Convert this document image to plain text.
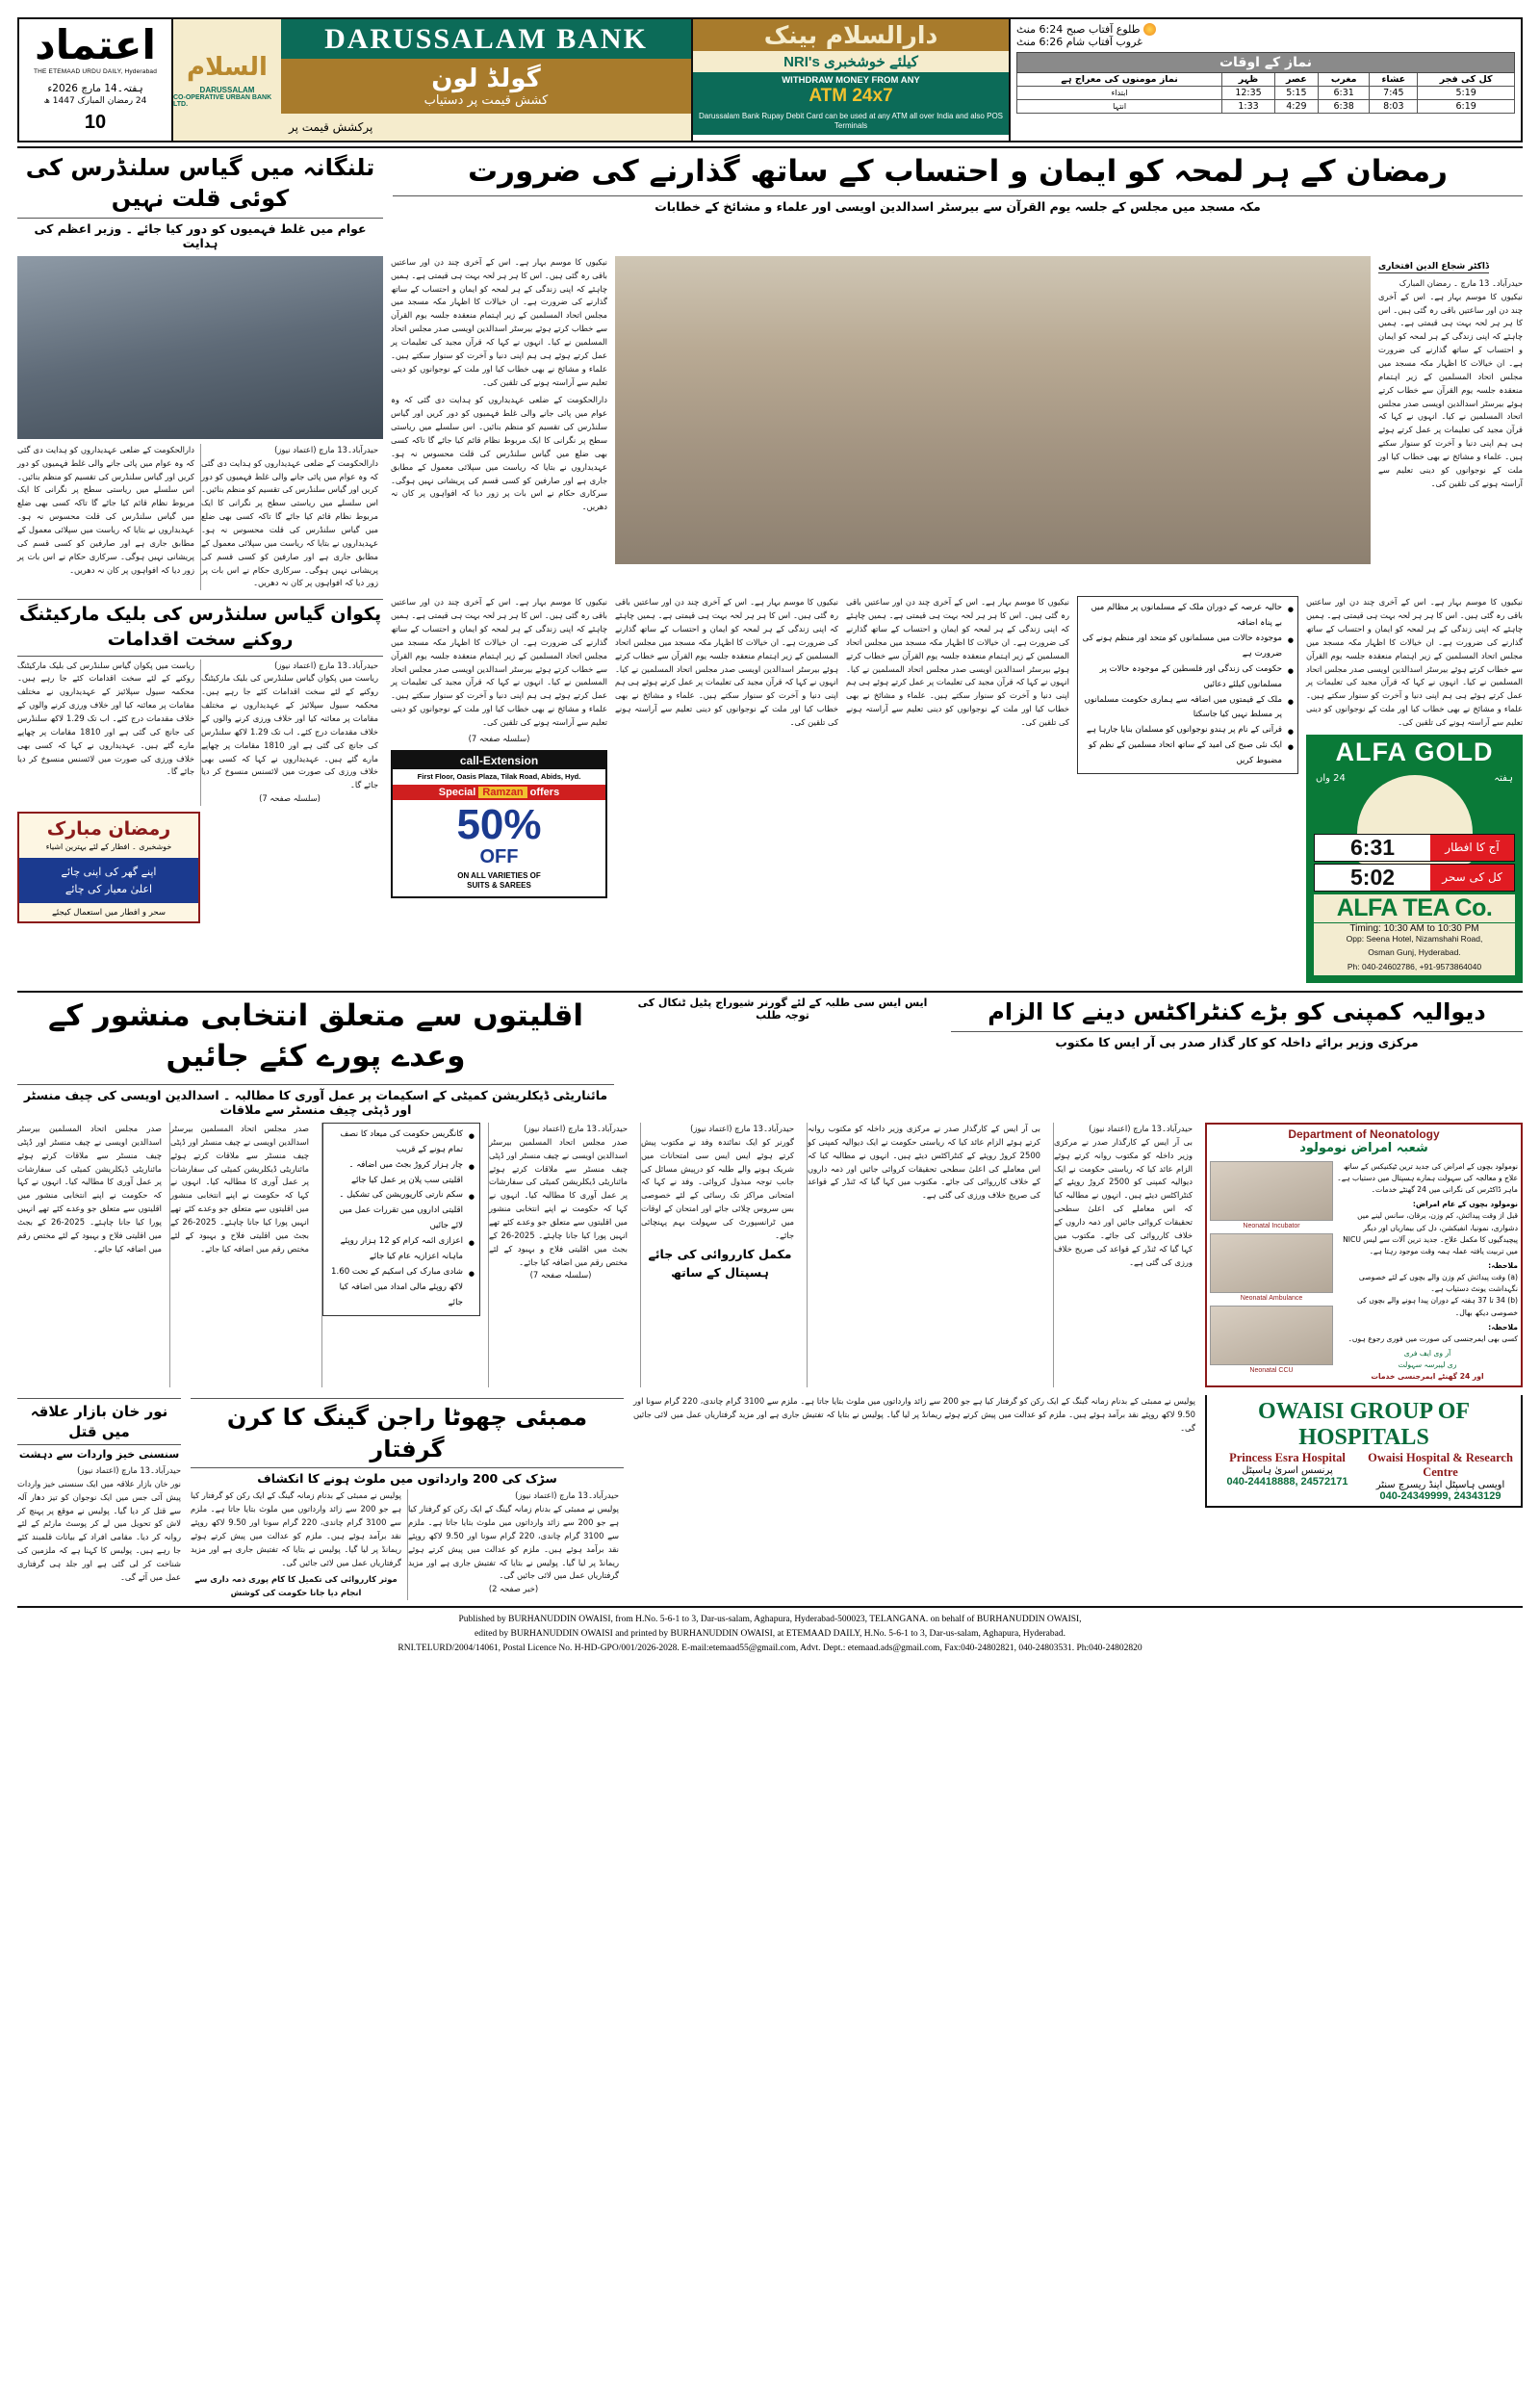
اعتماد
THE ETEMAAD URDU DAILY, Hyderabad
ہفتہ۔14 مارچ 2026ء
24 رمضان المبارک 1447 ھ
10
السلام
DARUSSALAM
CO-OPERATIVE URBAN BANK LTD.
DARUSSALAM BANK
گولڈ لون
کشش قیمت پر دستیاب
پرکشش قیمت پر
دارالسلام بینک
NRI's کیلئے خوشخبری
WITHDRAW MONEY FROM ANY
ATM 24x7
Darussalam Bank Rupay Debit Card can be used at any ATM all over India and also POS Terminals
طلوع آفتاب صبح 6:24 منٹ
غروب آفتاب شام 6:26 منٹ
نماز کے اوقات					
کل کی فجر	عشاء	مغرب	عصر	ظہر	نماز مومنوں کی معراج ہے
5:19	7:45	6:31	5:15	12:35	ابتداء
6:19	8:03	6:38	4:29	1:33	انتہا
تلنگانہ میں گیاس سلنڈرس کی کوئی قلت نہیں
عوام میں غلط فہمیوں کو دور کیا جائے ۔ وزیر اعظم کی ہدایت
رمضان کے ہر لمحہ کو ایمان و احتساب کے ساتھ گذارنے کی ضرورت
مکہ مسجد میں مجلس کے جلسہ یوم القرآن سے بیرسٹر اسدالدین اویسی اور علماء و مشائخ کے خطابات
دارالحکومت کے ضلعی عہدیداروں کو ہدایت دی گئی کہ وہ عوام میں پائی جانے والی غلط فہمیوں کو دور کریں اور گیاس سلنڈرس کی تقسیم کو منظم بنائیں۔ اس سلسلے میں ریاستی سطح پر نگرانی کا ایک مربوط نظام قائم کیا جائے گا تاکہ کسی بھی ضلع میں گیاس سلنڈرس کی قلت محسوس نہ ہو۔ عہدیداروں نے بتایا کہ ریاست میں سپلائی معمول کے مطابق جاری ہے اور صارفین کو کسی قسم کی پریشانی نہیں ہوگی۔ سرکاری حکام نے اس بات پر زور دیا کہ افواہوں پر کان نہ دھریں۔
حیدرآباد۔13 مارچ (اعتماد نیوز)
دارالحکومت کے ضلعی عہدیداروں کو ہدایت دی گئی کہ وہ عوام میں پائی جانے والی غلط فہمیوں کو دور کریں اور گیاس سلنڈرس کی تقسیم کو منظم بنائیں۔ اس سلسلے میں ریاستی سطح پر نگرانی کا ایک مربوط نظام قائم کیا جائے گا تاکہ کسی بھی ضلع میں گیاس سلنڈرس کی قلت محسوس نہ ہو۔ عہدیداروں نے بتایا کہ ریاست میں سپلائی معمول کے مطابق جاری ہے اور صارفین کو کسی قسم کی پریشانی نہیں ہوگی۔ سرکاری حکام نے اس بات پر زور دیا کہ افواہوں پر کان نہ دھریں۔
نیکیوں کا موسم بہار ہے۔ اس کے آخری چند دن اور ساعتیں باقی رہ گئی ہیں۔ اس کا ہر ہر لحہ بہت ہی قیمتی ہے۔ ہمیں چاہئے کہ اپنی زندگی کے ہر لمحہ کو ایمان و احتساب کے ساتھ گذارنے کی ضرورت ہے۔ ان خیالات کا اظہار مکہ مسجد میں مجلس اتحاد المسلمین کے زیر اہتمام منعقدہ جلسہ یوم القرآن سے خطاب کرتے ہوئے بیرسٹر اسدالدین اویسی صدر مجلس اتحاد المسلمین نے کیا۔ انہوں نے کہا کہ قرآن مجید کی تعلیمات پر عمل کرتے ہوئے ہی ہم اپنی دنیا و آخرت کو سنوار سکتے ہیں۔ علماء و مشائخ نے بھی خطاب کیا اور ملت کے نوجوانوں کو دینی تعلیم سے آراستہ ہونے کی تلقین کی۔
دارالحکومت کے ضلعی عہدیداروں کو ہدایت دی گئی کہ وہ عوام میں پائی جانے والی غلط فہمیوں کو دور کریں اور گیاس سلنڈرس کی تقسیم کو منظم بنائیں۔ اس سلسلے میں ریاستی سطح پر نگرانی کا ایک مربوط نظام قائم کیا جائے گا تاکہ کسی بھی ضلع میں گیاس سلنڈرس کی قلت محسوس نہ ہو۔ عہدیداروں نے بتایا کہ ریاست میں سپلائی معمول کے مطابق جاری ہے اور صارفین کو کسی قسم کی پریشانی نہیں ہوگی۔ سرکاری حکام نے اس بات پر زور دیا کہ افواہوں پر کان نہ دھریں۔
ڈاکٹر شجاع الدین افتخاری
حیدرآباد۔ 13 مارچ ۔ رمضان المبارک
نیکیوں کا موسم بہار ہے۔ اس کے آخری چند دن اور ساعتیں باقی رہ گئی ہیں۔ اس کا ہر ہر لحہ بہت ہی قیمتی ہے۔ ہمیں چاہئے کہ اپنی زندگی کے ہر لمحہ کو ایمان و احتساب کے ساتھ گذارنے کی ضرورت ہے۔ ان خیالات کا اظہار مکہ مسجد میں مجلس اتحاد المسلمین کے زیر اہتمام منعقدہ جلسہ یوم القرآن سے خطاب کرتے ہوئے بیرسٹر اسدالدین اویسی صدر مجلس اتحاد المسلمین نے کیا۔ انہوں نے کہا کہ قرآن مجید کی تعلیمات پر عمل کرتے ہوئے ہی ہم اپنی دنیا و آخرت کو سنوار سکتے ہیں۔ علماء و مشائخ نے بھی خطاب کیا اور ملت کے نوجوانوں کو دینی تعلیم سے آراستہ ہونے کی تلقین کی۔
پکوان گیاس سلنڈرس کی بلیک مارکیٹنگ روکنے سخت اقدامات
ریاست میں پکوان گیاس سلنڈرس کی بلیک مارکیٹنگ روکنے کے لئے سخت اقدامات کئے جا رہے ہیں۔ محکمہ سیول سپلائیز کے عہدیداروں نے مختلف مقامات پر معائنہ کیا اور خلاف ورزی کرنے والوں کے خلاف مقدمات درج کئے۔ اب تک 1.29 لاکھ سلنڈرس کی جانچ کی گئی ہے اور 1810 مقامات پر چھاپے مارے گئے ہیں۔ عہدیداروں نے کہا کہ کسی بھی خلاف ورزی کی صورت میں لائسنس منسوخ کر دیا جائے گا۔
حیدرآباد۔13 مارچ (اعتماد نیوز)
ریاست میں پکوان گیاس سلنڈرس کی بلیک مارکیٹنگ روکنے کے لئے سخت اقدامات کئے جا رہے ہیں۔ محکمہ سیول سپلائیز کے عہدیداروں نے مختلف مقامات پر معائنہ کیا اور خلاف ورزی کرنے والوں کے خلاف مقدمات درج کئے۔ اب تک 1.29 لاکھ سلنڈرس کی جانچ کی گئی ہے اور 1810 مقامات پر چھاپے مارے گئے ہیں۔ عہدیداروں نے کہا کہ کسی بھی خلاف ورزی کی صورت میں لائسنس منسوخ کر دیا جائے گا۔
(سلسلہ صفحہ 7)
رمضان مبارک
خوشخبری ۔ افطار کے لئے بہترین اشیاء
اپنے گھر کی اپنی چائے
اعلیٰ معیار کی چائے
سحر و افطار میں استعمال کیجئے
نیکیوں کا موسم بہار ہے۔ اس کے آخری چند دن اور ساعتیں باقی رہ گئی ہیں۔ اس کا ہر ہر لحہ بہت ہی قیمتی ہے۔ ہمیں چاہئے کہ اپنی زندگی کے ہر لمحہ کو ایمان و احتساب کے ساتھ گذارنے کی ضرورت ہے۔ ان خیالات کا اظہار مکہ مسجد میں مجلس اتحاد المسلمین کے زیر اہتمام منعقدہ جلسہ یوم القرآن سے خطاب کرتے ہوئے بیرسٹر اسدالدین اویسی صدر مجلس اتحاد المسلمین نے کیا۔ انہوں نے کہا کہ قرآن مجید کی تعلیمات پر عمل کرتے ہوئے ہی ہم اپنی دنیا و آخرت کو سنوار سکتے ہیں۔ علماء و مشائخ نے بھی خطاب کیا اور ملت کے نوجوانوں کو دینی تعلیم سے آراستہ ہونے کی تلقین کی۔
(سلسلہ صفحہ 7)
call-Extension
First Floor, Oasis Plaza, Tilak Road, Abids, Hyd.
Special Ramzan offers
50%
OFF
ON ALL VARIETIES OF
SUITS & SAREES
نیکیوں کا موسم بہار ہے۔ اس کے آخری چند دن اور ساعتیں باقی رہ گئی ہیں۔ اس کا ہر ہر لحہ بہت ہی قیمتی ہے۔ ہمیں چاہئے کہ اپنی زندگی کے ہر لمحہ کو ایمان و احتساب کے ساتھ گذارنے کی ضرورت ہے۔ ان خیالات کا اظہار مکہ مسجد میں مجلس اتحاد المسلمین کے زیر اہتمام منعقدہ جلسہ یوم القرآن سے خطاب کرتے ہوئے بیرسٹر اسدالدین اویسی صدر مجلس اتحاد المسلمین نے کیا۔ انہوں نے کہا کہ قرآن مجید کی تعلیمات پر عمل کرتے ہوئے ہی ہم اپنی دنیا و آخرت کو سنوار سکتے ہیں۔ علماء و مشائخ نے بھی خطاب کیا اور ملت کے نوجوانوں کو دینی تعلیم سے آراستہ ہونے کی تلقین کی۔
نیکیوں کا موسم بہار ہے۔ اس کے آخری چند دن اور ساعتیں باقی رہ گئی ہیں۔ اس کا ہر ہر لحہ بہت ہی قیمتی ہے۔ ہمیں چاہئے کہ اپنی زندگی کے ہر لمحہ کو ایمان و احتساب کے ساتھ گذارنے کی ضرورت ہے۔ ان خیالات کا اظہار مکہ مسجد میں مجلس اتحاد المسلمین کے زیر اہتمام منعقدہ جلسہ یوم القرآن سے خطاب کرتے ہوئے بیرسٹر اسدالدین اویسی صدر مجلس اتحاد المسلمین نے کیا۔ انہوں نے کہا کہ قرآن مجید کی تعلیمات پر عمل کرتے ہوئے ہی ہم اپنی دنیا و آخرت کو سنوار سکتے ہیں۔ علماء و مشائخ نے بھی خطاب کیا اور ملت کے نوجوانوں کو دینی تعلیم سے آراستہ ہونے کی تلقین کی۔
● حالیہ عرصہ کے دوران ملک کے مسلمانوں پر مظالم میں بے پناہ اضافہ
● موجودہ حالات میں مسلمانوں کو متحد اور منظم ہونے کی ضرورت ہے
● حکومت کی زندگی اور فلسطین کے موجودہ حالات پر مسلمانوں کیلئے دعائیں
● ملک کے قیمتوں میں اضافہ سے ہماری حکومت مسلمانوں پر مسلط نہیں کیا جاسکتا
● قرآنی کے نام پر ہندو نوجوانوں کو مسلمان بنایا جارہا ہے
● ایک نئی صبح کی امید کے ساتھ اتحاد مسلمین کے نظم کو مضبوط کریں
نیکیوں کا موسم بہار ہے۔ اس کے آخری چند دن اور ساعتیں باقی رہ گئی ہیں۔ اس کا ہر ہر لحہ بہت ہی قیمتی ہے۔ ہمیں چاہئے کہ اپنی زندگی کے ہر لمحہ کو ایمان و احتساب کے ساتھ گذارنے کی ضرورت ہے۔ ان خیالات کا اظہار مکہ مسجد میں مجلس اتحاد المسلمین کے زیر اہتمام منعقدہ جلسہ یوم القرآن سے خطاب کرتے ہوئے بیرسٹر اسدالدین اویسی صدر مجلس اتحاد المسلمین نے کیا۔ انہوں نے کہا کہ قرآن مجید کی تعلیمات پر عمل کرتے ہوئے ہی ہم اپنی دنیا و آخرت کو سنوار سکتے ہیں۔ علماء و مشائخ نے بھی خطاب کیا اور ملت کے نوجوانوں کو دینی تعلیم سے آراستہ ہونے کی تلقین کی۔
ALFA GOLD
ہفتہ
24 واں
6:31	آج کا افطار
5:02	کل کی سحر
ALFA TEA Co.
Timing: 10:30 AM to 10:30 PM
Opp: Seena Hotel, Nizamshahi Road,
Osman Gunj, Hyderabad.
Ph: 040-24602786, +91-9573864040
اقلیتوں سے متعلق انتخابی منشور کے وعدے پورے کئے جائیں
ایس ایس سی طلبہ کے لئے گورنر شیوراج پٹیل ٹنکال کی توجہ طلب	دیوالیہ کمپنی کو بڑے کنٹراکٹس دینے کا الزام
مرکزی وزیر برائے داخلہ کو کار گذار صدر بی آر ایس کا مکتوب
مائناریٹی ڈیکلریشن کمیٹی کے اسکیمات پر عمل آوری کا مطالبہ ۔ اسدالدین اویسی کی چیف منسٹر اور ڈپٹی چیف منسٹر سے ملاقات
صدر مجلس اتحاد المسلمین بیرسٹر اسدالدین اویسی نے چیف منسٹر اور ڈپٹی چیف منسٹر سے ملاقات کرتے ہوئے مائناریٹی ڈیکلریشن کمیٹی کی سفارشات پر عمل آوری کا مطالبہ کیا۔ انہوں نے کہا کہ حکومت نے اپنے انتخابی منشور میں اقلیتوں سے متعلق جو وعدے کئے تھے انہیں پورا کیا جانا چاہئے۔ 2025-26 کے بجٹ میں اقلیتی فلاح و بہبود کے لئے مختص رقم میں اضافہ کیا جائے۔
صدر مجلس اتحاد المسلمین بیرسٹر اسدالدین اویسی نے چیف منسٹر اور ڈپٹی چیف منسٹر سے ملاقات کرتے ہوئے مائناریٹی ڈیکلریشن کمیٹی کی سفارشات پر عمل آوری کا مطالبہ کیا۔ انہوں نے کہا کہ حکومت نے اپنے انتخابی منشور میں اقلیتوں سے متعلق جو وعدے کئے تھے انہیں پورا کیا جانا چاہئے۔ 2025-26 کے بجٹ میں اقلیتی فلاح و بہبود کے لئے مختص رقم میں اضافہ کیا جائے۔
● کانگریس حکومت کی میعاد کا نصف تمام ہونے کے قریب
● چار ہزار کروڑ بجٹ میں اضافہ ۔ اقلیتی سب پلان پر عمل کیا جائے
● سکم نارتی کارپوریشن کی تشکیل ۔ اقلیتی اداروں میں تقررات عمل میں لائے جائیں
● اعزازی ائمہ کرام کو 12 ہزار روپئے ماہانہ اعزازیہ عام کیا جائے
● شادی مبارک کی اسکیم کے تحت 1.60 لاکھ روپئے مالی امداد میں اضافہ کیا جائے
حیدرآباد۔13 مارچ (اعتماد نیوز)
صدر مجلس اتحاد المسلمین بیرسٹر اسدالدین اویسی نے چیف منسٹر اور ڈپٹی چیف منسٹر سے ملاقات کرتے ہوئے مائناریٹی ڈیکلریشن کمیٹی کی سفارشات پر عمل آوری کا مطالبہ کیا۔ انہوں نے کہا کہ حکومت نے اپنے انتخابی منشور میں اقلیتوں سے متعلق جو وعدے کئے تھے انہیں پورا کیا جانا چاہئے۔ 2025-26 کے بجٹ میں اقلیتی فلاح و بہبود کے لئے مختص رقم میں اضافہ کیا جائے۔
(سلسلہ صفحہ 7)
حیدرآباد۔13 مارچ (اعتماد نیوز)
گورنر کو ایک نمائندہ وفد نے مکتوب پیش کرتے ہوئے ایس ایس سی امتحانات میں شریک ہونے والے طلبہ کو درپیش مسائل کی جانب توجہ مبذول کروائی۔ وفد نے کہا کہ امتحانی مراکز تک رسائی کے لئے خصوصی بس سروس چلائی جائے اور امتحان کے اوقات میں ٹرانسپورٹ کی سہولت بہم پہنچائی جائے۔
مکمل کارروائی کی جائے
ہسپتال کے ساتھ
بی آر ایس کے کارگذار صدر نے مرکزی وزیر داخلہ کو مکتوب روانہ کرتے ہوئے الزام عائد کیا کہ ریاستی حکومت نے ایک دیوالیہ کمپنی کو 2500 کروڑ روپئے کے کنٹراکٹس دیئے ہیں۔ انہوں نے مطالبہ کیا کہ اس معاملے کی اعلیٰ سطحی تحقیقات کروائی جائیں اور ذمہ داروں کے خلاف کارروائی کی جائے۔ مکتوب میں کہا گیا کہ ٹنڈر کے قواعد کی صریح خلاف ورزی کی گئی ہے۔
حیدرآباد۔13 مارچ (اعتماد نیوز)
بی آر ایس کے کارگذار صدر نے مرکزی وزیر داخلہ کو مکتوب روانہ کرتے ہوئے الزام عائد کیا کہ ریاستی حکومت نے ایک دیوالیہ کمپنی کو 2500 کروڑ روپئے کے کنٹراکٹس دیئے ہیں۔ انہوں نے مطالبہ کیا کہ اس معاملے کی اعلیٰ سطحی تحقیقات کروائی جائیں اور ذمہ داروں کے خلاف کارروائی کی جائے۔ مکتوب میں کہا گیا کہ ٹنڈر کے قواعد کی صریح خلاف ورزی کی گئی ہے۔
Department of Neonatology
شعبہ امراض نومولود
Neonatal Incubator
Neonatal Ambulance
Neonatal CCU
نومولود بچوں کے امراض کی جدید ترین ٹیکنیکس کے ساتھ علاج و معالجہ کی سہولت ہمارے ہسپتال میں دستیاب ہے۔ ماہر ڈاکٹرس کی نگرانی میں 24 گھنٹے خدمات۔
نومولود بچوں کے عام امراض:
قبل از وقت پیدائش، کم وزن، یرقان، سانس لینے میں دشواری، نمونیا، انفیکشن، دل کی بیماریاں اور دیگر پیچیدگیوں کا مکمل علاج۔ جدید ترین آلات سے لیس NICU میں تربیت یافتہ عملہ ہمہ وقت موجود رہتا ہے۔
ملاحظہ:
(a) وقت پیدائش کم وزن والے بچوں کے لئے خصوصی نگہداشت یونٹ دستیاب ہے۔
(b) 34 تا 37 ہفتہ کے دوران پیدا ہونے والے بچوں کی خصوصی دیکھ بھال۔
ملاحظہ:
کسی بھی ایمرجنسی کی صورت میں فوری رجوع ہوں۔
آر وی ایف فری
ری لیبرسہ سہولت
اور 24 گھنٹے ایمرجنسی خدمات
نور خان بازار علاقہ میں قتل
سنسنی خیز واردات سے دہشت
حیدرآباد۔13 مارچ (اعتماد نیوز)
نور خان بازار علاقہ میں ایک سنسنی خیز واردات پیش آئی جس میں ایک نوجوان کو تیز دھار آلہ سے قتل کر دیا گیا۔ پولیس نے موقع پر پہنچ کر لاش کو تحویل میں لے کر پوسٹ مارٹم کے لئے روانہ کر دیا۔ مقامی افراد کے بیانات قلمبند کئے جا رہے ہیں۔ پولیس کا کہنا ہے کہ ملزمین کی شناخت کر لی گئی ہے اور جلد ہی گرفتاری عمل میں آئے گی۔
ممبئی چھوٹا راجن گینگ کا کرن گرفتار
سڑک کی 200 وارداتوں میں ملوث ہونے کا انکشاف
پولیس نے ممبئی کے بدنام زمانہ گینگ کے ایک رکن کو گرفتار کیا ہے جو 200 سے زائد وارداتوں میں ملوث بتایا جاتا ہے۔ ملزم سے 3100 گرام چاندی، 220 گرام سونا اور 9.50 لاکھ روپئے نقد برآمد ہوئے ہیں۔ ملزم کو عدالت میں پیش کرتے ہوئے ریمانڈ پر لیا گیا۔ پولیس نے بتایا کہ تفتیش جاری ہے اور مزید گرفتاریاں عمل میں لائی جائیں گی۔
موثر کارروائی کی تکمیل کا کام پوری ذمہ داری سے انجام دیا جانا حکومت کی کوشش
حیدرآباد۔13 مارچ (اعتماد نیوز)
پولیس نے ممبئی کے بدنام زمانہ گینگ کے ایک رکن کو گرفتار کیا ہے جو 200 سے زائد وارداتوں میں ملوث بتایا جاتا ہے۔ ملزم سے 3100 گرام چاندی، 220 گرام سونا اور 9.50 لاکھ روپئے نقد برآمد ہوئے ہیں۔ ملزم کو عدالت میں پیش کرتے ہوئے ریمانڈ پر لیا گیا۔ پولیس نے بتایا کہ تفتیش جاری ہے اور مزید گرفتاریاں عمل میں لائی جائیں گی۔
(خبر صفحہ 2)
پولیس نے ممبئی کے بدنام زمانہ گینگ کے ایک رکن کو گرفتار کیا ہے جو 200 سے زائد وارداتوں میں ملوث بتایا جاتا ہے۔ ملزم سے 3100 گرام چاندی، 220 گرام سونا اور 9.50 لاکھ روپئے نقد برآمد ہوئے ہیں۔ ملزم کو عدالت میں پیش کرتے ہوئے ریمانڈ پر لیا گیا۔ پولیس نے بتایا کہ تفتیش جاری ہے اور مزید گرفتاریاں عمل میں لائی جائیں گی۔
OWAISI GROUP OF HOSPITALS
Princess Esra Hospital
پرنسس اسریٰ ہاسپٹل
040-24418888, 24572171
Owaisi Hospital & Research Centre
اویسی ہاسپٹل اینڈ ریسرچ سنٹر
040-24349999, 24343129
Published by BURHANUDDIN OWAISI, from H.No. 5-6-1 to 3, Dar-us-salam, Aghapura, Hyderabad-500023, TELANGANA. on behalf of BURHANUDDIN OWAISI,
edited by BURHANUDDIN OWAISI and printed by BURHANUDDIN OWAISI, at ETEMAAD DAILY, H.No. 5-6-1 to 3, Dar-us-salam, Aghapura, Hyderabad.
RNI.TELURD/2004/14061, Postal Licence No. H-HD-GPO/001/2026-2028. E-mail:etemaad55@gmail.com, Advt. Dept.: etemaad.ads@gmail.com, Fax:040-24802821, 040-24803531. Ph:040-24802820
